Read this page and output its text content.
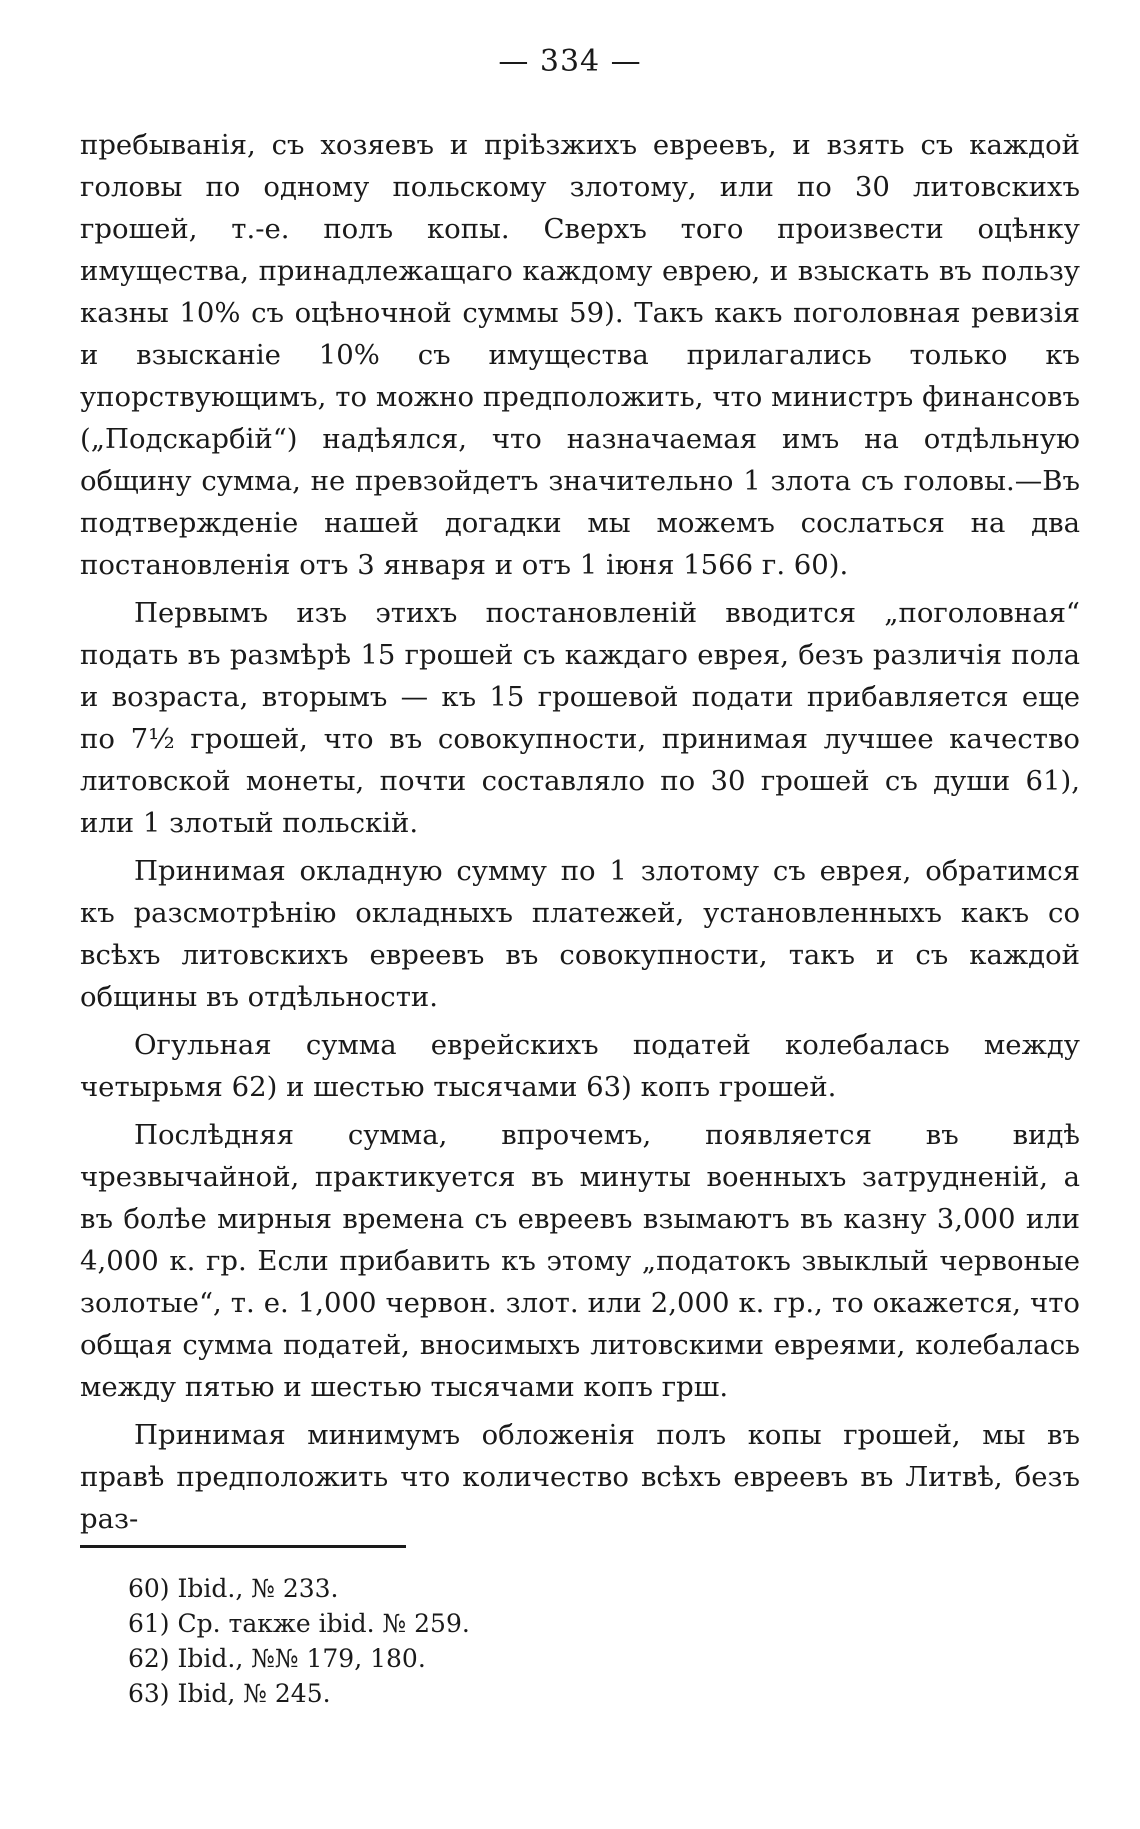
— 334 —

пребыванія, съ хозяевъ и пріѣзжихъ евреевъ, и взять съ каждой головы по одному польскому злотому, или по 30 литовскихъ грошей, т.-е. полъ копы. Сверхъ того произвести оцѣнку имущества, принадлежащаго каждому еврею, и взыскать въ пользу казны 10% съ оцѣночной суммы 59). Такъ какъ поголовная ревизія и взысканіе 10% съ имущества прилагались только къ упорствующимъ, то можно предположить, что министръ финансовъ („Подскарбій“) надѣялся, что назначаемая имъ на отдѣльную общину сумма, не превзойдетъ значительно 1 злота съ головы.—Въ подтвержденіе нашей догадки мы можемъ сослаться на два постановленія отъ 3 января и отъ 1 іюня 1566 г. 60).

Первымъ изъ этихъ постановленій вводится „поголовная“ подать въ размѣрѣ 15 грошей съ каждаго еврея, безъ различія пола и возраста, вторымъ — къ 15 грошевой подати прибавляется еще по 7½ грошей, что въ совокупности, принимая лучшее качество литовской монеты, почти составляло по 30 грошей съ души 61), или 1 злотый польскій.

Принимая окладную сумму по 1 злотому съ еврея, обратимся къ разсмотрѣнію окладныхъ платежей, установленныхъ какъ со всѣхъ литовскихъ евреевъ въ совокупности, такъ и съ каждой общины въ отдѣльности.

Огульная сумма еврейскихъ податей колебалась между четырьмя 62) и шестью тысячами 63) копъ грошей.

Послѣдняя сумма, впрочемъ, появляется въ видѣ чрезвычайной, практикуется въ минуты военныхъ затрудненій, а въ болѣе мирныя времена съ евреевъ взымаютъ въ казну 3,000 или 4,000 к. гр. Если прибавить къ этому „податокъ звыклый червоные золотые“, т. е. 1,000 червон. злот. или 2,000 к. гр., то окажется, что общая сумма податей, вносимыхъ литовскими евреями, колебалась между пятью и шестью тысячами копъ грш.

Принимая минимумъ обложенія полъ копы грошей, мы въ правѣ предположить что количество всѣхъ евреевъ въ Литвѣ, безъ раз-

60) Ibid., № 233.
61) Ср. также ibid. № 259.
62) Ibid., №№ 179, 180.
63) Ibid, № 245.
